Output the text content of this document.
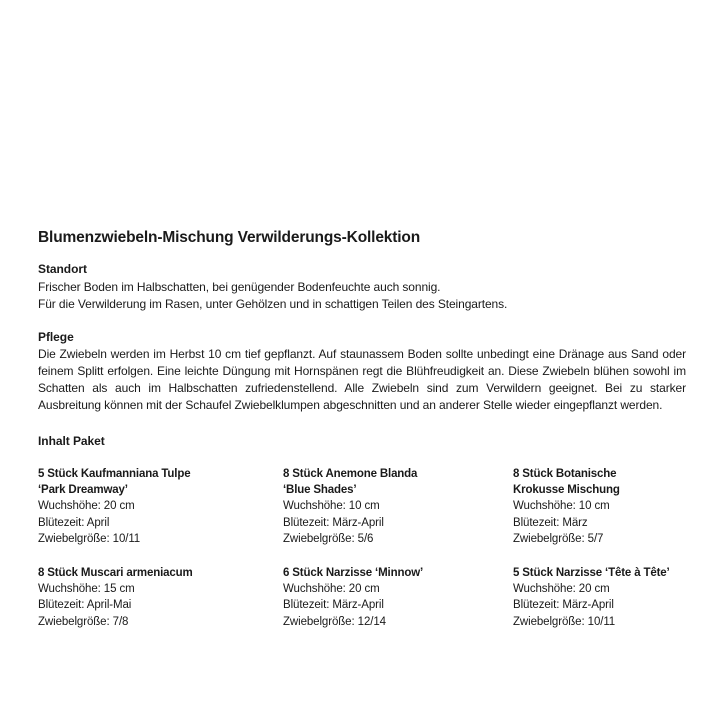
Blumenzwiebeln-Mischung Verwilderungs-Kollektion
Standort

Frischer Boden im Halbschatten, bei genügender Bodenfeuchte auch sonnig.
Für die Verwilderung im Rasen, unter Gehölzen und in schattigen Teilen des Steingartens.

Pflege

Die Zwiebeln werden im Herbst 10 cm tief gepflanzt. Auf staunassem Boden sollte unbedingt eine Dränage aus Sand oder feinem Splitt erfolgen. Eine leichte Düngung mit Hornspänen regt die Blühfreudigkeit an. Diese Zwiebeln blühen sowohl im Schatten als auch im Halbschatten zufriedenstellend. Alle Zwiebeln sind zum Verwildern geeignet. Bei zu starker Ausbreitung können mit der Schaufel Zwiebelklumpen abgeschnitten und an anderer Stelle wieder eingepflanzt werden.

Inhalt Paket
5 Stück Kaufmanniana Tulpe
‘Park Dreamway’
Wuchshöhe: 20 cm
Blütezeit: April
Zwiebelgröße: 10/11
8 Stück Anemone Blanda
‘Blue Shades’
Wuchshöhe: 10 cm
Blütezeit: März-April
Zwiebelgröße: 5/6
8 Stück Botanische
Krokusse Mischung
Wuchshöhe: 10 cm
Blütezeit: März
Zwiebelgröße: 5/7
8 Stück Muscari armeniacum
Wuchshöhe: 15 cm
Blütezeit: April-Mai
Zwiebelgröße: 7/8
6 Stück Narzisse ‘Minnow’
Wuchshöhe: 20 cm
Blütezeit: März-April
Zwiebelgröße: 12/14
5 Stück Narzisse ‘Tête à Tête’
Wuchshöhe: 20 cm
Blütezeit: März-April
Zwiebelgröße: 10/11
